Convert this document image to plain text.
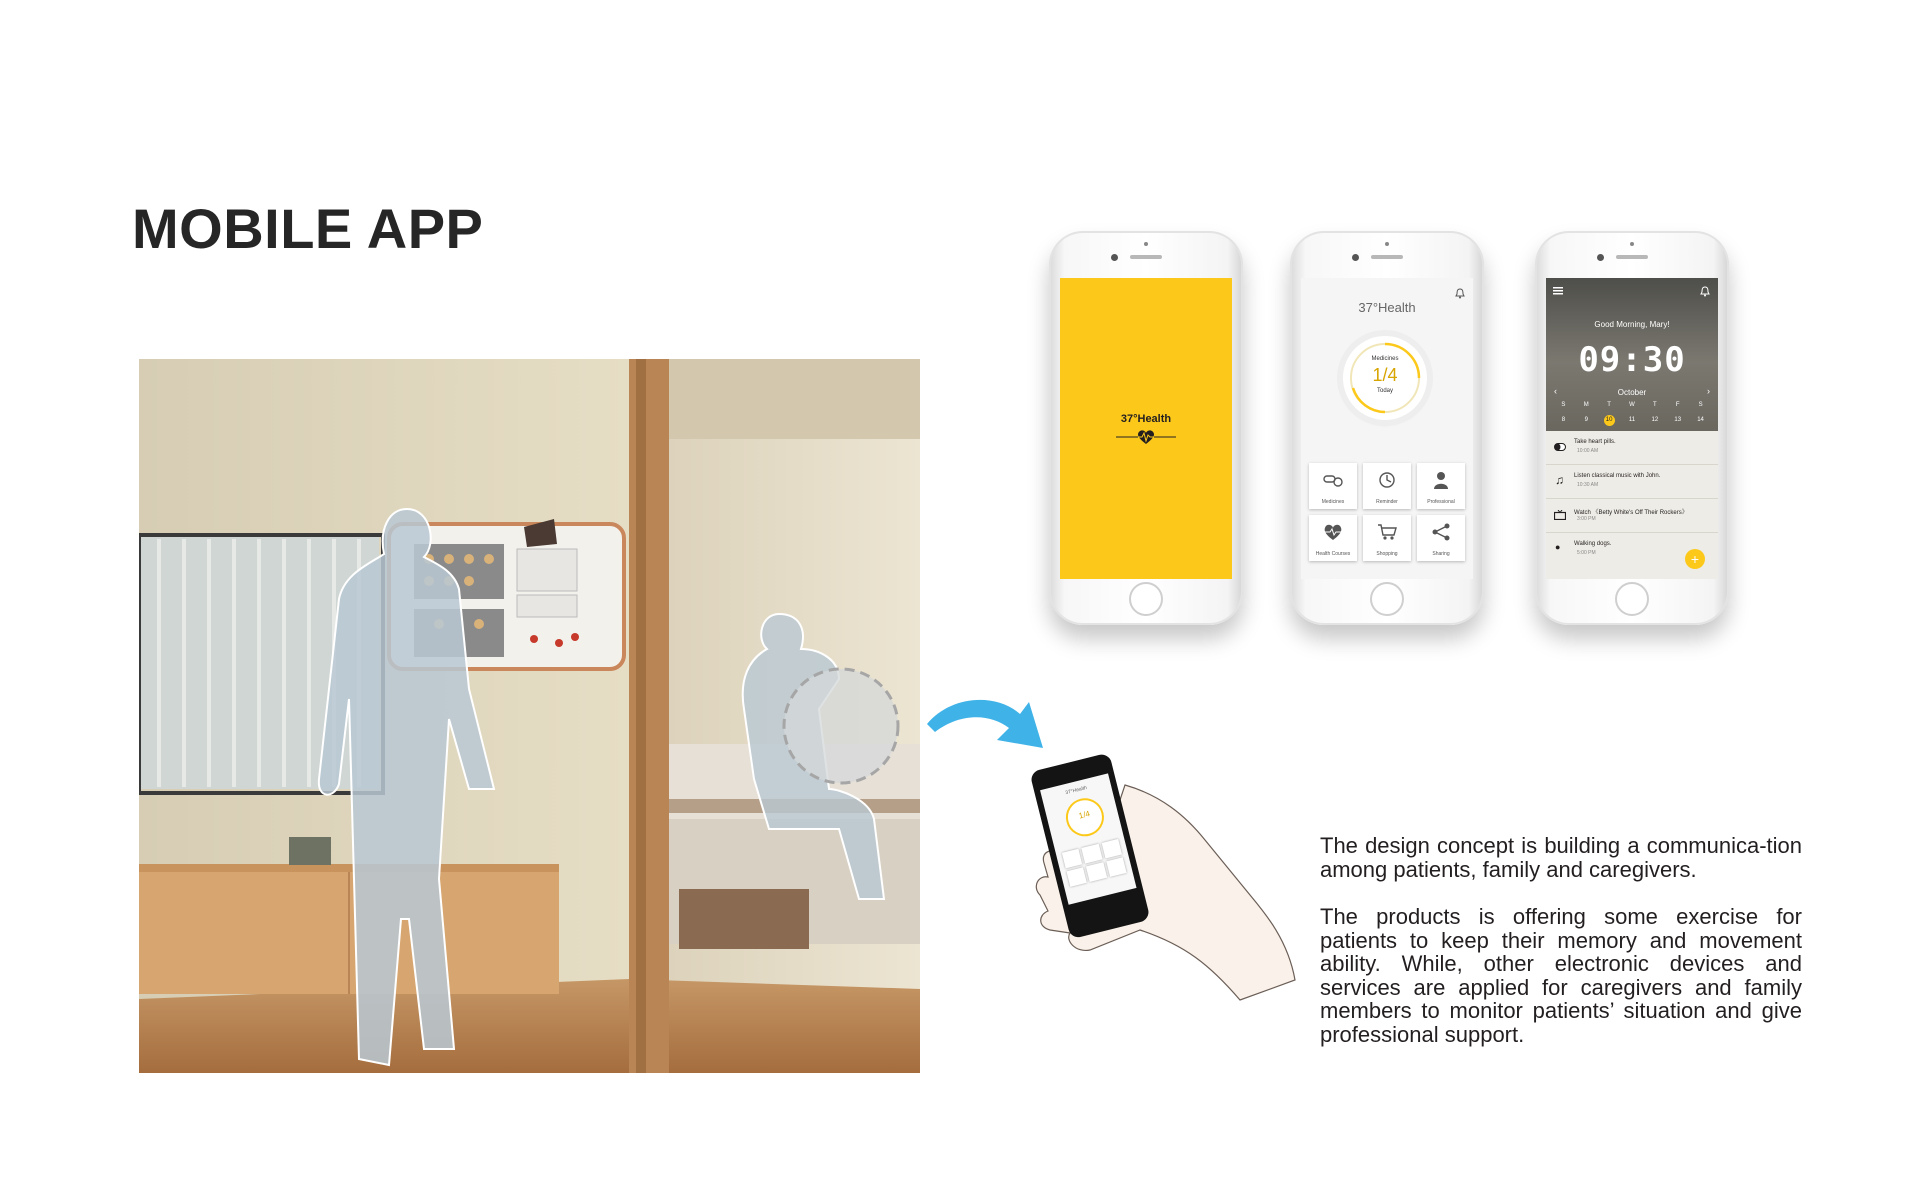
MOBILE APP
37°Health
37°Health
Medicines
1/4
Today
Medicines	Reminder	Professional
Health Courses	Shopping	Sharing
Good Morning, Mary!
09:30
October
‹	›
S	M	T	W	T	F	S
8	9	10	11	12	13	14
Take heart pills.
10:00 AM
♫ Listen classical music with John.
10:30 AM
Watch 《Betty White's Off Their Rockers》
3:00 PM
● Walking dogs.
5:00 PM	+
37°Health
1/4

The design concept is building a communica-tion among patients, family and caregivers.

The products is offering some exercise for patients to keep their memory and movement ability. While, other electronic devices and services are applied for caregivers and family members to monitor patients’ situation and give professional support.
